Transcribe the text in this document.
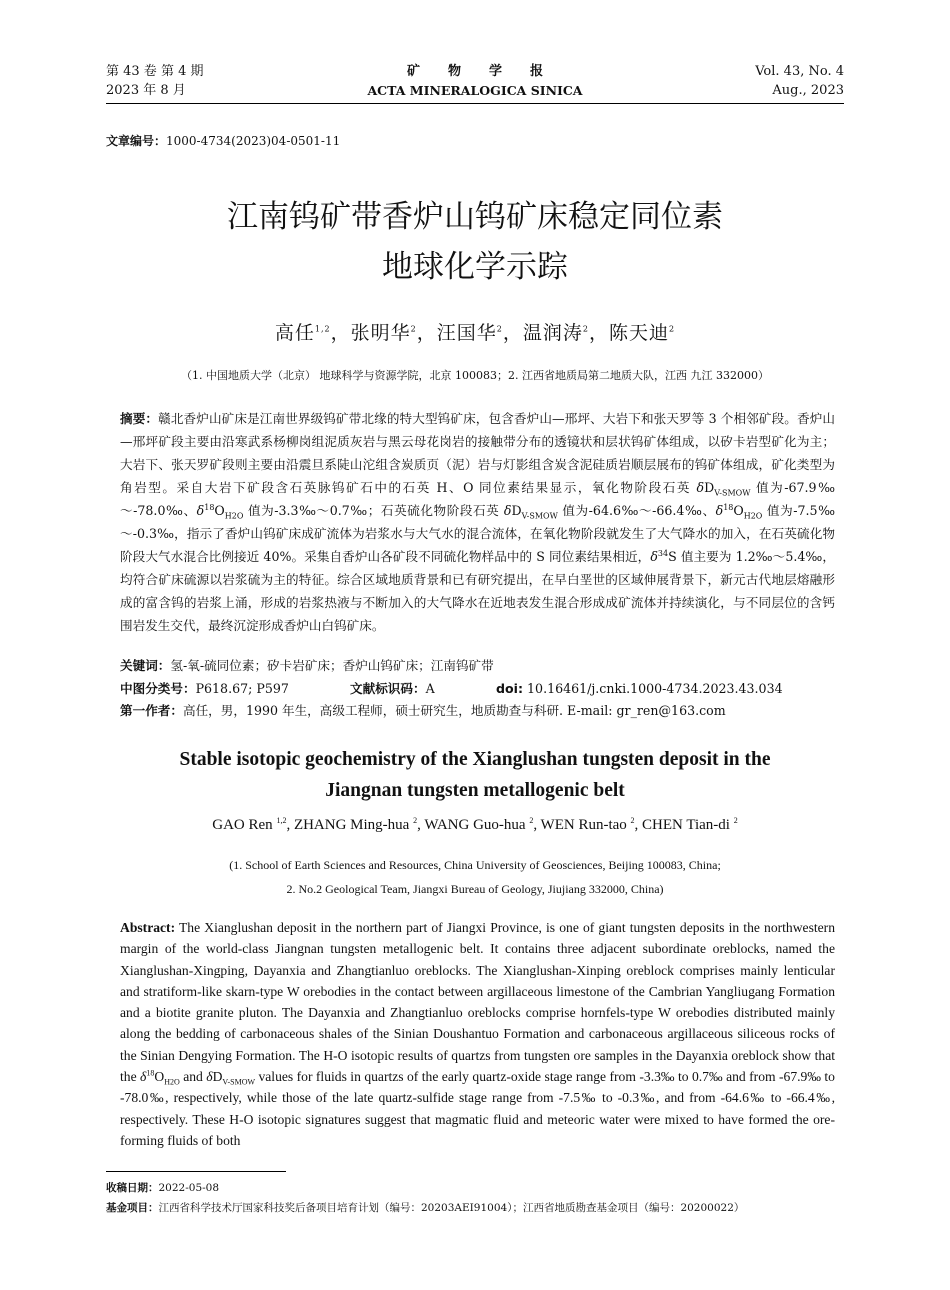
第 43 卷 第 4 期
2023 年 8 月
矿物学报
ACTA MINERALOGICA SINICA
Vol. 43, No. 4
Aug., 2023
文章编号：1000-4734(2023)04-0501-11
江南钨矿带香炉山钨矿床稳定同位素
地球化学示踪
高任$^{1,2}$，张明华$^2$，汪国华$^2$，温润涛$^2$，陈天迪$^2$
（1. 中国地质大学（北京） 地球科学与资源学院，北京 100083；2. 江西省地质局第二地质大队，江西 九江 332000）
摘要：赣北香炉山矿床是江南世界级钨矿带北缘的特大型钨矿床，包含香炉山—邢坪、大岩下和张天罗等 3 个相邻矿段。香炉山—邢坪矿段主要由沿寒武系杨柳岗组泥质灰岩与黑云母花岗岩的接触带分布的透镜状和层状钨矿体组成，以矽卡岩型矿化为主；大岩下、张天罗矿段则主要由沿震旦系陡山沱组含炭质页（泥）岩与灯影组含炭含泥硅质岩顺层展布的钨矿体组成，矿化类型为角岩型。采自大岩下矿段含石英脉钨矿石中的石英 H、O 同位素结果显示，氧化物阶段石英 $\delta D_{V-SMOW}$ 值为-67.9‰～-78.0‰、$\delta^{18}O_{H2O}$ 值为-3.3‰～0.7‰；石英硫化物阶段石英 $\delta D_{V-SMOW}$ 值为-64.6‰～-66.4‰、$\delta^{18}O_{H2O}$ 值为-7.5‰～-0.3‰，指示了香炉山钨矿床成矿流体为岩浆水与大气水的混合流体，在氧化物阶段就发生了大气降水的加入，在石英硫化物阶段大气水混合比例接近 40%。采集自香炉山各矿段不同硫化物样品中的 S 同位素结果相近，$\delta^{34}S$ 值主要为 1.2‰～5.4‰，均符合矿床硫源以岩浆硫为主的特征。综合区域地质背景和已有研究提出，在早白垩世的区域伸展背景下，新元古代地层熔融形成的富含钨的岩浆上涌，形成的岩浆热液与不断加入的大气降水在近地表发生混合形成成矿流体并持续演化，与不同层位的含钙围岩发生交代，最终沉淀形成香炉山白钨矿床。
关键词：氢-氧-硫同位素；矽卡岩矿床；香炉山钨矿床；江南钨矿带
中图分类号：P618.67; P597	文献标识码：A	doi: 10.16461/j.cnki.1000-4734.2023.43.034
第一作者：高任，男，1990 年生，高级工程师，硕士研究生，地质勘查与科研. E-mail: gr_ren@163.com
Stable isotopic geochemistry of the Xianglushan tungsten deposit in the
Jiangnan tungsten metallogenic belt
GAO Ren $^{1,2}$, ZHANG Ming-hua $^2$, WANG Guo-hua $^2$, WEN Run-tao $^2$, CHEN Tian-di $^2$
(1. School of Earth Sciences and Resources, China University of Geosciences, Beijing 100083, China;
2. No.2 Geological Team, Jiangxi Bureau of Geology, Jiujiang 332000, China)
Abstract: The Xianglushan deposit in the northern part of Jiangxi Province, is one of giant tungsten deposits in the northwestern margin of the world-class Jiangnan tungsten metallogenic belt. It contains three adjacent subordinate oreblocks, named the Xianglushan-Xingping, Dayanxia and Zhangtianluo oreblocks. The Xianglushan-Xinping oreblock comprises mainly lenticular and stratiform-like skarn-type W orebodies in the contact between argillaceous limestone of the Cambrian Yangliugang Formation and a biotite granite pluton. The Dayanxia and Zhangtianluo oreblocks comprise hornfels-type W orebodies distributed mainly along the bedding of carbonaceous shales of the Sinian Doushantuo Formation and carbonaceous argillaceous siliceous rocks of the Sinian Dengying Formation. The H-O isotopic results of quartzs from tungsten ore samples in the Dayanxia oreblock show that the $\delta^{18}O_{H2O}$ and $\delta D_{V-SMOW}$ values for fluids in quartzs of the early quartz-oxide stage range from -3.3‰ to 0.7‰ and from -67.9‰ to -78.0‰, respectively, while those of the late quartz-sulfide stage range from -7.5‰ to -0.3‰, and from -64.6‰ to -66.4‰, respectively. These H-O isotopic signatures suggest that magmatic fluid and meteoric water were mixed to have formed the ore-forming fluids of both
收稿日期：2022-05-08
基金项目：江西省科学技术厅国家科技奖后备项目培育计划（编号：20203AEI91004）；江西省地质勘查基金项目（编号：20200022）
